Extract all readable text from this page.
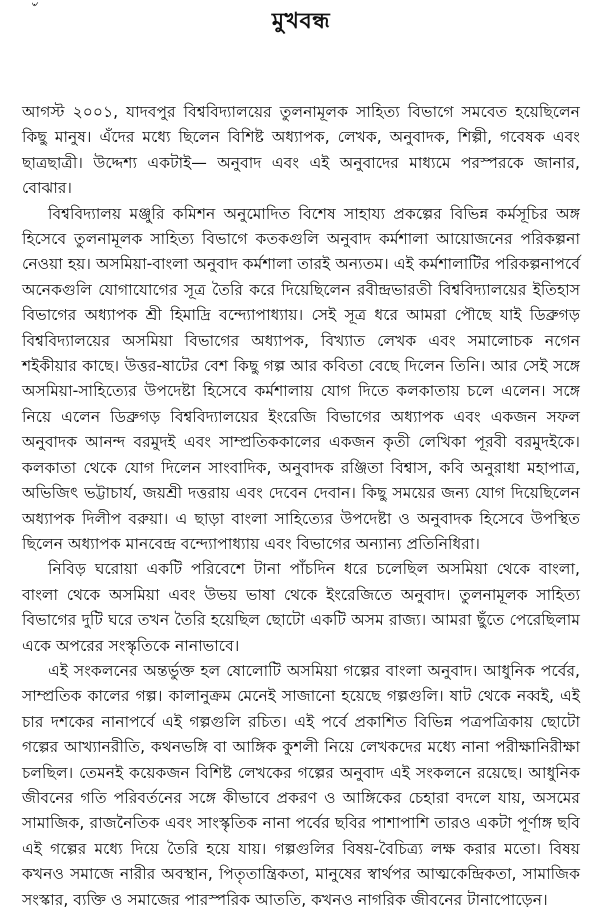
৺
মুখবন্ধ

আগস্ট ২০০১, যাদবপুর বিশ্ববিদ্যালয়ের তুলনামূলক সাহিত্য বিভাগে সমবেত হয়েছিলেন কিছু মানুষ। এঁদের মধ্যে ছিলেন বিশিষ্ট অধ্যাপক, লেখক, অনুবাদক, শিল্পী, গবেষক এবং ছাত্রছাত্রী। উদ্দেশ্য একটাই— অনুবাদ এবং এই অনুবাদের মাধ্যমে পরস্পরকে জানার, বোঝার।

বিশ্ববিদ্যালয় মঞ্জুরি কমিশন অনুমোদিত বিশেষ সাহায্য প্রকল্পের বিভিন্ন কর্মসূচির অঙ্গ হিসেবে তুলনামূলক সাহিত্য বিভাগে কতকগুলি অনুবাদ কর্মশালা আয়োজনের পরিকল্পনা নেওয়া হয়। অসমিয়া-বাংলা অনুবাদ কর্মশালা তারই অন্যতম। এই কর্মশালাটির পরিকল্পনাপর্বে অনেকগুলি যোগাযোগের সূত্র তৈরি করে দিয়েছিলেন রবীন্দ্রভারতী বিশ্ববিদ্যালয়ের ইতিহাস বিভাগের অধ্যাপক শ্রী হিমাদ্রি বন্দ্যোপাধ্যায়। সেই সূত্র ধরে আমরা পৌছে যাই ডিব্রুগড় বিশ্ববিদ্যালয়ের অসমিয়া বিভাগের অধ্যাপক, বিখ্যাত লেখক এবং সমালোচক নগেন শইকীয়ার কাছে। উত্তর-ষাটের বেশ কিছু গল্প আর কবিতা বেছে দিলেন তিনি। আর সেই সঙ্গে অসমিয়া-সাহিত্যের উপদেষ্টা হিসেবে কর্মশালায় যোগ দিতে কলকাতায় চলে এলেন। সঙ্গে নিয়ে এলেন ডিব্রুগড় বিশ্ববিদ্যালয়ের ইংরেজি বিভাগের অধ্যাপক এবং একজন সফল অনুবাদক আনন্দ বরমুদই এবং সাম্প্রতিককালের একজন কৃতী লেখিকা পূরবী বরমুদইকে। কলকাতা থেকে যোগ দিলেন সাংবাদিক, অনুবাদক রঞ্জিতা বিশ্বাস, কবি অনুরাধা মহাপাত্র, অভিজিৎ ভট্টাচার্য, জয়শ্রী দত্তরায় এবং দেবেন দেবান। কিছু সময়ের জন্য যোগ দিয়েছিলেন অধ্যাপক দিলীপ বরুয়া। এ ছাড়া বাংলা সাহিত্যের উপদেষ্টা ও অনুবাদক হিসেবে উপস্থিত ছিলেন অধ্যাপক মানবেন্দ্র বন্দ্যোপাধ্যায় এবং বিভাগের অন্যান্য প্রতিনিধিরা।

নিবিড় ঘরোয়া একটি পরিবেশে টানা পাঁচদিন ধরে চলেছিল অসমিয়া থেকে বাংলা, বাংলা থেকে অসমিয়া এবং উভয় ভাষা থেকে ইংরেজিতে অনুবাদ। তুলনামূলক সাহিত্য বিভাগের দুটি ঘরে তখন তৈরি হয়েছিল ছোটো একটি অসম রাজ্য। আমরা ছুঁতে পেরেছিলাম একে অপরের সংস্কৃতিকে নানাভাবে।

এই সংকলনের অন্তর্ভুক্ত হল ষোলোটি অসমিয়া গল্পের বাংলা অনুবাদ। আধুনিক পর্বের, সাম্প্রতিক কালের গল্প। কালানুক্রম মেনেই সাজানো হয়েছে গল্পগুলি। ষাট থেকে নব্বই, এই চার দশকের নানাপর্বে এই গল্পগুলি রচিত। এই পর্বে প্রকাশিত বিভিন্ন পত্রপত্রিকায় ছোটো গল্পের আখ্যানরীতি, কথনভঙ্গি বা আঙ্গিক কুশলী নিয়ে লেখকদের মধ্যে নানা পরীক্ষানিরীক্ষা চলছিল। তেমনই কয়েকজন বিশিষ্ট লেখকের গল্পের অনুবাদ এই সংকলনে রয়েছে। আধুনিক জীবনের গতি পরিবর্তনের সঙ্গে কীভাবে প্রকরণ ও আঙ্গিকের চেহারা বদলে যায়, অসমের সামাজিক, রাজনৈতিক এবং সাংস্কৃতিক নানা পর্বের ছবির পাশাপাশি তারও একটা পূর্ণাঙ্গ ছবি এই গল্পের মধ্যে দিয়ে তৈরি হয়ে যায়। গল্পগুলির বিষয়-বৈচিত্র্য লক্ষ করার মতো। বিষয় কখনও সমাজে নারীর অবস্থান, পিতৃতান্ত্রিকতা, মানুষের স্বার্থপর আত্মকেন্দ্রিকতা, সামাজিক সংস্কার, ব্যক্তি ও সমাজের পারস্পরিক আততি, কখনও নাগরিক জীবনের টানাপোড়েন।
